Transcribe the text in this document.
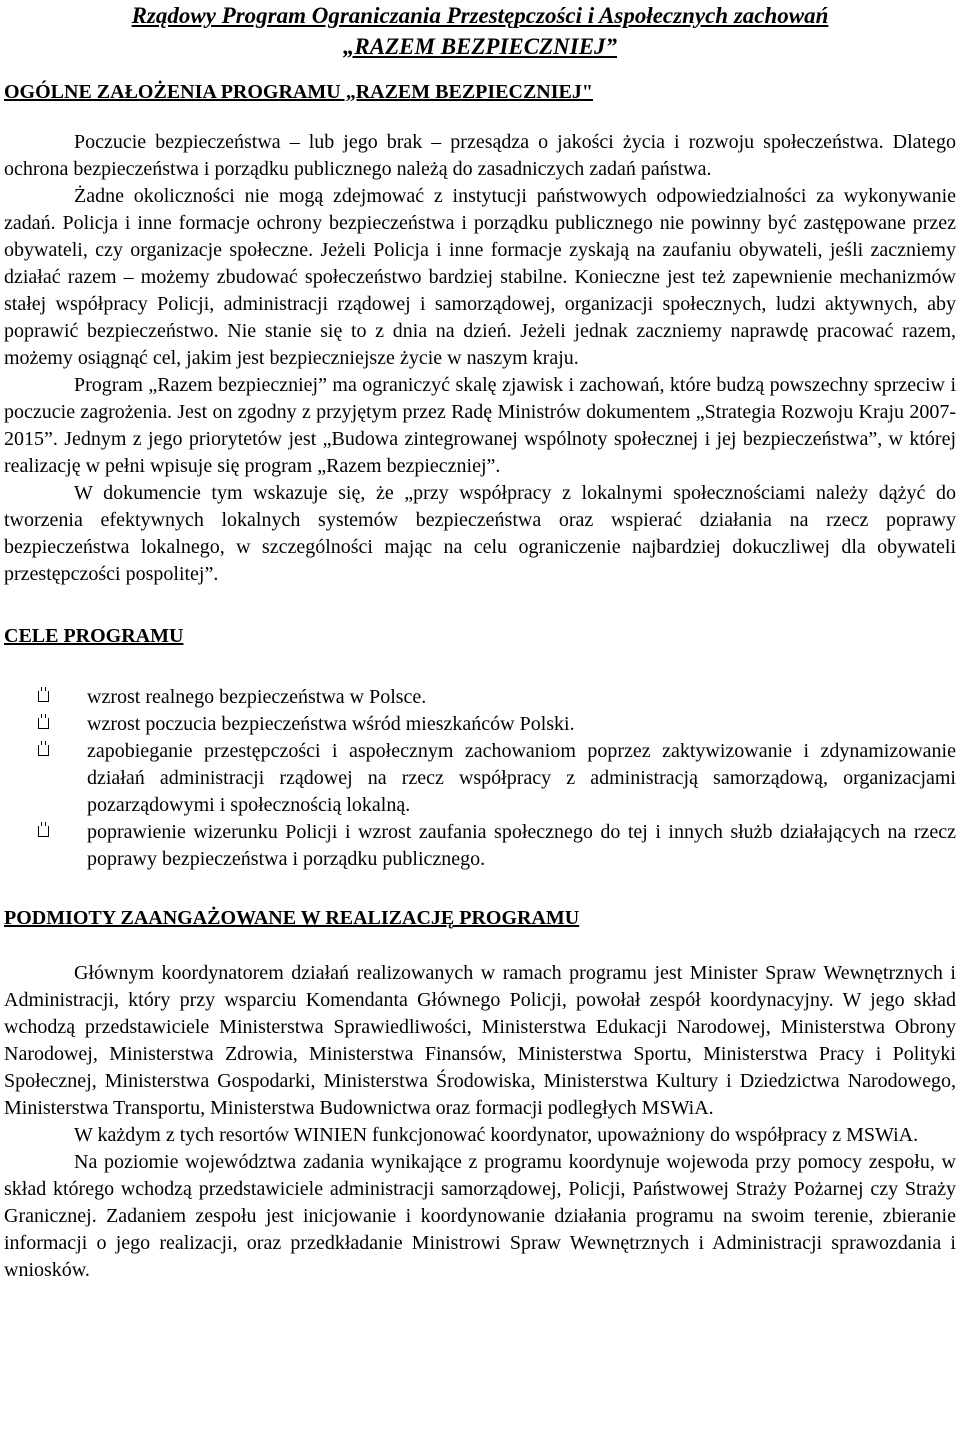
Rządowy Program Ograniczania Przestępczości i Aspołecznych zachowań
„RAZEM BEZPIECZNIEJ”
OGÓLNE ZAŁOŻENIA PROGRAMU „RAZEM BEZPIECZNIEJ"

Poczucie bezpieczeństwa – lub jego brak – przesądza o jakości życia i rozwoju społeczeństwa. Dlatego ochrona bezpieczeństwa i porządku publicznego należą do zasadniczych zadań państwa.

Żadne okoliczności nie mogą zdejmować z instytucji państwowych odpowiedzialności za wykonywanie zadań. Policja i inne formacje ochrony bezpieczeństwa i porządku publicznego nie powinny być zastępowane przez obywateli, czy organizacje społeczne. Jeżeli Policja i inne formacje zyskają na zaufaniu obywateli, jeśli zaczniemy działać razem – możemy zbudować społeczeństwo bardziej stabilne. Konieczne jest też zapewnienie mechanizmów stałej współpracy Policji, administracji rządowej i samorządowej, organizacji społecznych, ludzi aktywnych, aby poprawić bezpieczeństwo. Nie stanie się to z dnia na dzień. Jeżeli jednak zaczniemy naprawdę pracować razem, możemy osiągnąć cel, jakim jest bezpieczniejsze życie w naszym kraju.

Program „Razem bezpieczniej” ma ograniczyć skalę zjawisk i zachowań, które budzą powszechny sprzeciw i poczucie zagrożenia. Jest on zgodny z przyjętym przez Radę Ministrów dokumentem „Strategia Rozwoju Kraju 2007-2015”. Jednym z jego priorytetów jest „Budowa zintegrowanej wspólnoty społecznej i jej bezpieczeństwa”, w której realizację w pełni wpisuje się program „Razem bezpieczniej”.

W dokumencie tym wskazuje się, że „przy współpracy z lokalnymi społecznościami należy dążyć do tworzenia efektywnych lokalnych systemów bezpieczeństwa oraz wspierać działania na rzecz poprawy bezpieczeństwa lokalnego, w szczególności mając na celu ograniczenie najbardziej dokuczliwej dla obywateli przestępczości pospolitej”.

CELE PROGRAMU
wzrost realnego bezpieczeństwa w Polsce.
wzrost poczucia bezpieczeństwa wśród mieszkańców Polski.
zapobieganie przestępczości i aspołecznym zachowaniom poprzez zaktywizowanie i zdynamizowanie działań administracji rządowej na rzecz współpracy z administracją samorządową, organizacjami pozarządowymi i społecznością lokalną.
poprawienie wizerunku Policji i wzrost zaufania społecznego do tej i innych służb działających na rzecz poprawy bezpieczeństwa i porządku publicznego.
PODMIOTY ZAANGAŻOWANE W REALIZACJĘ PROGRAMU

Głównym koordynatorem działań realizowanych w ramach programu jest Minister Spraw Wewnętrznych i Administracji, który przy wsparciu Komendanta Głównego Policji, powołał zespół koordynacyjny. W jego skład wchodzą przedstawiciele Ministerstwa Sprawiedliwości, Ministerstwa Edukacji Narodowej, Ministerstwa Obrony Narodowej, Ministerstwa Zdrowia, Ministerstwa Finansów, Ministerstwa Sportu, Ministerstwa Pracy i Polityki Społecznej, Ministerstwa Gospodarki, Ministerstwa Środowiska, Ministerstwa Kultury i Dziedzictwa Narodowego, Ministerstwa Transportu, Ministerstwa Budownictwa oraz formacji podległych MSWiA.

W każdym z tych resortów WINIEN funkcjonować koordynator, upoważniony do współpracy z MSWiA.

Na poziomie województwa zadania wynikające z programu koordynuje wojewoda przy pomocy zespołu, w skład którego wchodzą przedstawiciele administracji samorządowej, Policji, Państwowej Straży Pożarnej czy Straży Granicznej. Zadaniem zespołu jest inicjowanie i koordynowanie działania programu na swoim terenie, zbieranie informacji o jego realizacji, oraz przedkładanie Ministrowi Spraw Wewnętrznych i Administracji sprawozdania i wniosków.
